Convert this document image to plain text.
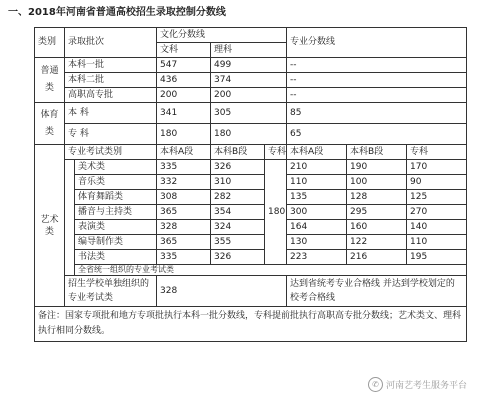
一、2018年河南省普通高校招生录取控制分数线
类别	录取批次		文化分数线			专业分数线		
			文科	理科				
普通类	本科一批		547	499		--		
	本科二批		436	374		--		
	高职高专批		200	200		--		
体育类	本 科		341	305		85		
	专 科		180	180		65		
艺术类	专业考试类别		本科A段	本科B段	专科	本科A段	本科B段	专科
		美术类	335	326	180	210	190	170
		音乐类	332	310		110	100	90
		体育舞蹈类	308	282		135	128	125
		播音与主持类	365	354		300	295	270
		表演类	328	324		164	160	140
		编导制作类	365	355		130	122	110
		书法类	335	326		223	216	195
		全省统一组织的专业考试类						
	招生学校单独组织的专业考试类		328			达到省统考专业合格线 并达到学校划定的校考合格线		
备注：国家专项批和地方专项批执行本科一批分数线，专科提前批执行高职高专批分数线；艺术类文、理科执行相同分数线。								
✆ 河南艺考生服务平台
